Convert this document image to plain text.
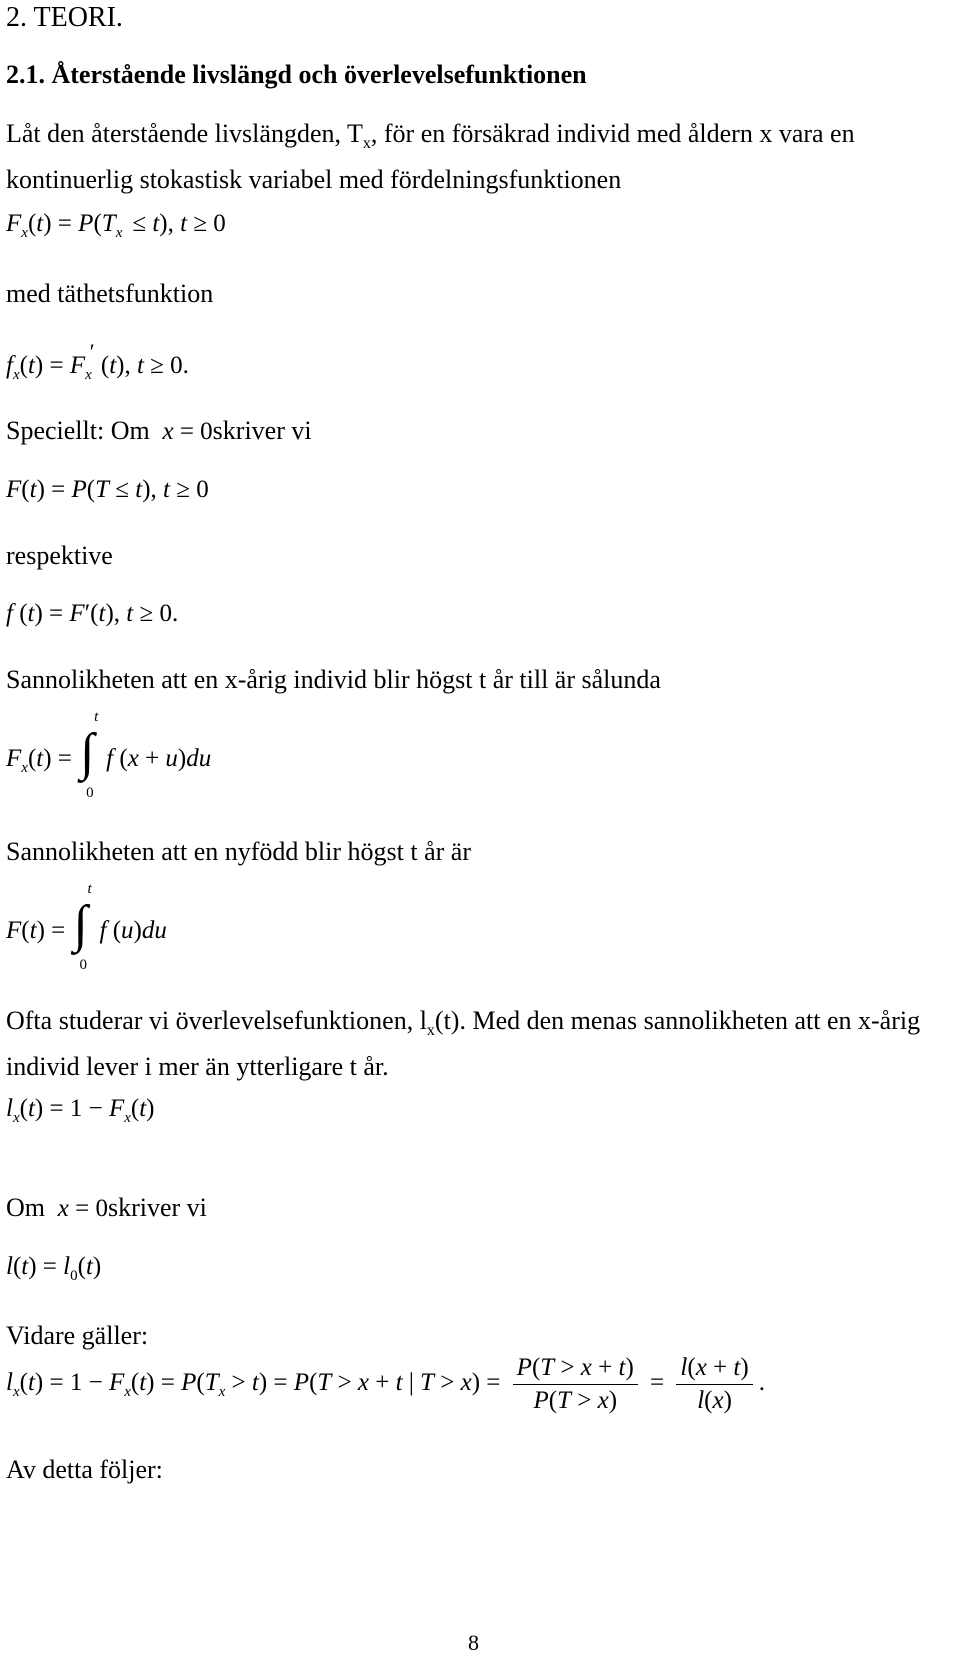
2. TEORI.
2.1. Återstående livslängd och överlevelsefunktionen
Låt den återstående livslängden, $T_x$, för en försäkrad individ med åldern x vara en
kontinuerlig stokastisk variabel med fördelningsfunktionen
$F_x(t) = P(T_x \le t)$, t ≥ 0
med täthetsfunktion
$f_x(t) = F_x'$ (t), t ≥ 0.
Speciellt: Om x = 0skriver vi
F(t) = P(T ≤ t), t ≥ 0
respektive
f (t) = F′(t), t ≥ 0.
Sannolikheten att en x-årig individ blir högst t år till är sålunda
$F_x(t)$ = ∫
t
0
f (x + u)du
Sannolikheten att en nyfödd blir högst t år är
F(t) = ∫
t
0
f (u)du
Ofta studerar vi överlevelsefunktionen, $l_x(t)$. Med den menas sannolikheten att en x-årig
individ lever i mer än ytterligare t år.
$l_x(t) = 1 - F_x(t)$
Om x = 0skriver vi
$l(t) = l_0(t)$
Vidare gäller:
$l_x(t) = 1 - F_x(t) = P(T_x > t) = P(T > x + t$ | $T > x) = \frac{P(T > x + t)}{P(T > x)} = \frac{l(x + t)}{l(x)}$ .
Av detta följer:
8
